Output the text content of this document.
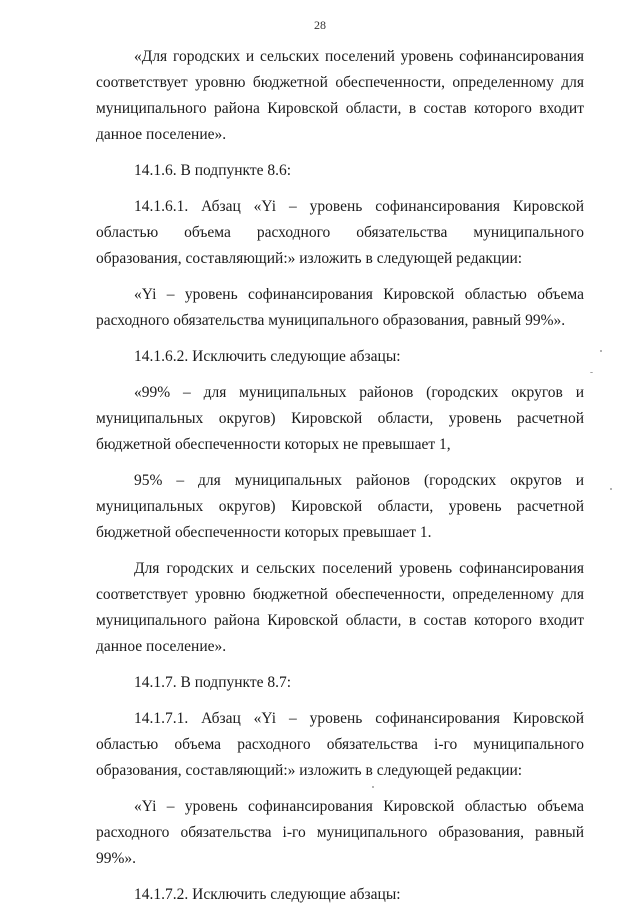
28

«Для городских и сельских поселений уровень софинансирования соответствует уровню бюджетной обеспеченности, определенному для муниципального района Кировской области, в состав которого входит данное поселение».

14.1.6. В подпункте 8.6:

14.1.6.1. Абзац «Yi – уровень софинансирования Кировской областью объема расходного обязательства муниципального образования, составляющий:» изложить в следующей редакции:

«Yi – уровень софинансирования Кировской областью объема расходного обязательства муниципального образования, равный 99%».

14.1.6.2. Исключить следующие абзацы:

«99% – для муниципальных районов (городских округов и муниципальных округов) Кировской области, уровень расчетной бюджетной обеспеченности которых не превышает 1,

95% – для муниципальных районов (городских округов и муниципальных округов) Кировской области, уровень расчетной бюджетной обеспеченности которых превышает 1.

Для городских и сельских поселений уровень софинансирования соответствует уровню бюджетной обеспеченности, определенному для муниципального района Кировской области, в состав которого входит данное поселение».

14.1.7. В подпункте 8.7:

14.1.7.1. Абзац «Yi – уровень софинансирования Кировской областью объема расходного обязательства i-го муниципального образования, составляющий:» изложить в следующей редакции:

«Yi – уровень софинансирования Кировской областью объема расходного обязательства i-го муниципального образования, равный 99%».

14.1.7.2. Исключить следующие абзацы:
